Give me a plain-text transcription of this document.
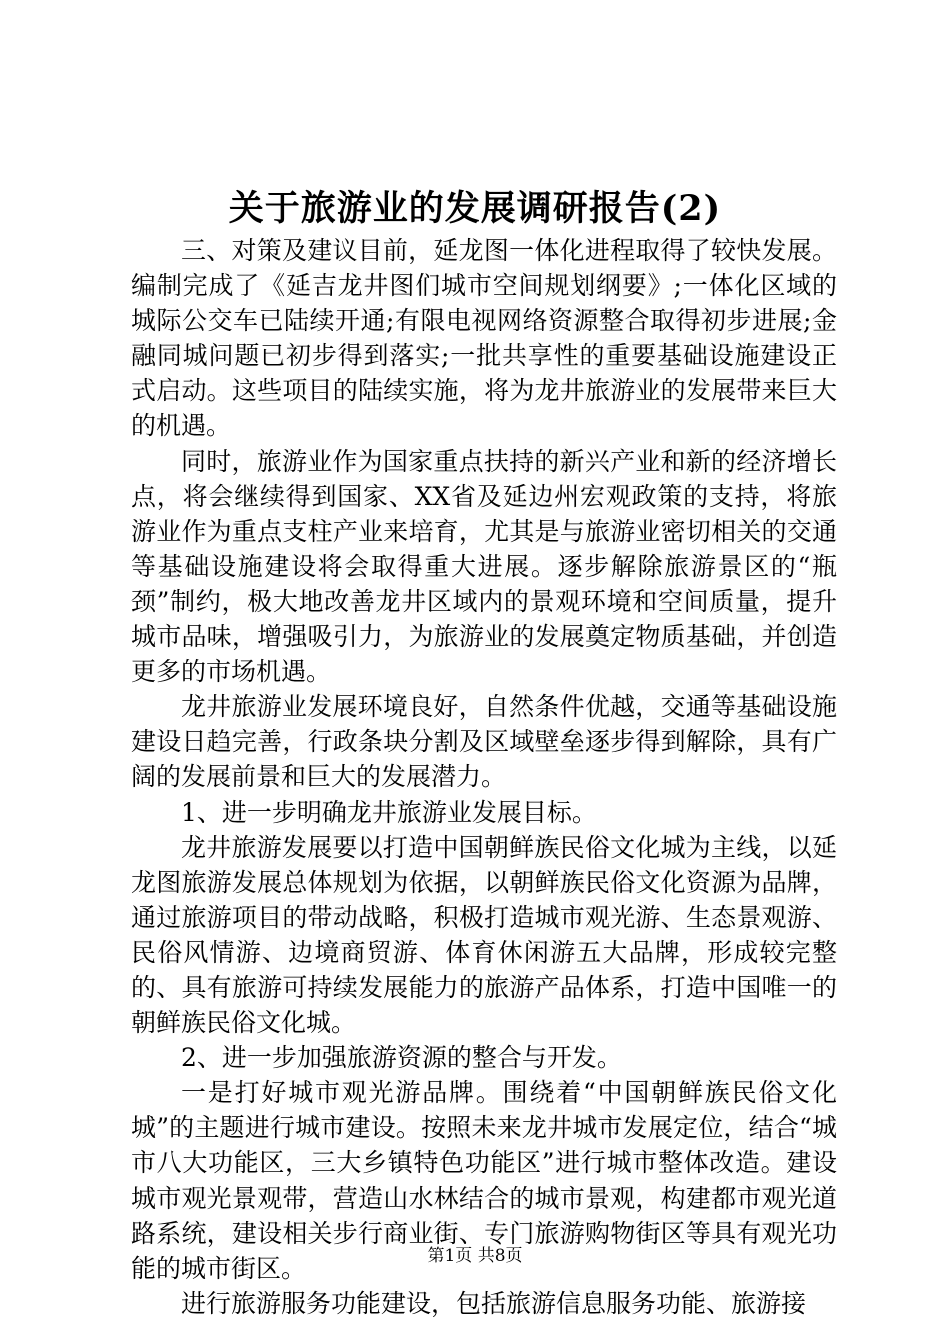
关于旅游业的发展调研报告(2)

三、对策及建议目前，延龙图一体化进程取得了较快发展。编制完成了《延吉龙井图们城市空间规划纲要》;一体化区域的城际公交车已陆续开通;有限电视网络资源整合取得初步进展;金融同城问题已初步得到落实;一批共享性的重要基础设施建设正式启动。这些项目的陆续实施，将为龙井旅游业的发展带来巨大的机遇。

同时，旅游业作为国家重点扶持的新兴产业和新的经济增长点，将会继续得到国家、XX省及延边州宏观政策的支持，将旅游业作为重点支柱产业来培育，尤其是与旅游业密切相关的交通等基础设施建设将会取得重大进展。逐步解除旅游景区的“瓶颈”制约，极大地改善龙井区域内的景观环境和空间质量，提升城市品味，增强吸引力，为旅游业的发展奠定物质基础，并创造更多的市场机遇。

龙井旅游业发展环境良好，自然条件优越，交通等基础设施建设日趋完善，行政条块分割及区域壁垒逐步得到解除，具有广阔的发展前景和巨大的发展潜力。

1、进一步明确龙井旅游业发展目标。

龙井旅游发展要以打造中国朝鲜族民俗文化城为主线，以延龙图旅游发展总体规划为依据，以朝鲜族民俗文化资源为品牌，通过旅游项目的带动战略，积极打造城市观光游、生态景观游、民俗风情游、边境商贸游、体育休闲游五大品牌，形成较完整的、具有旅游可持续发展能力的旅游产品体系，打造中国唯一的朝鲜族民俗文化城。

2、进一步加强旅游资源的整合与开发。

一是打好城市观光游品牌。围绕着“中国朝鲜族民俗文化城”的主题进行城市建设。按照未来龙井城市发展定位，结合“城市八大功能区，三大乡镇特色功能区”进行城市整体改造。建设城市观光景观带，营造山水林结合的城市景观，构建都市观光道路系统，建设相关步行商业街、专门旅游购物街区等具有观光功能的城市街区。

进行旅游服务功能建设，包括旅游信息服务功能、旅游接

第1页 共8页
